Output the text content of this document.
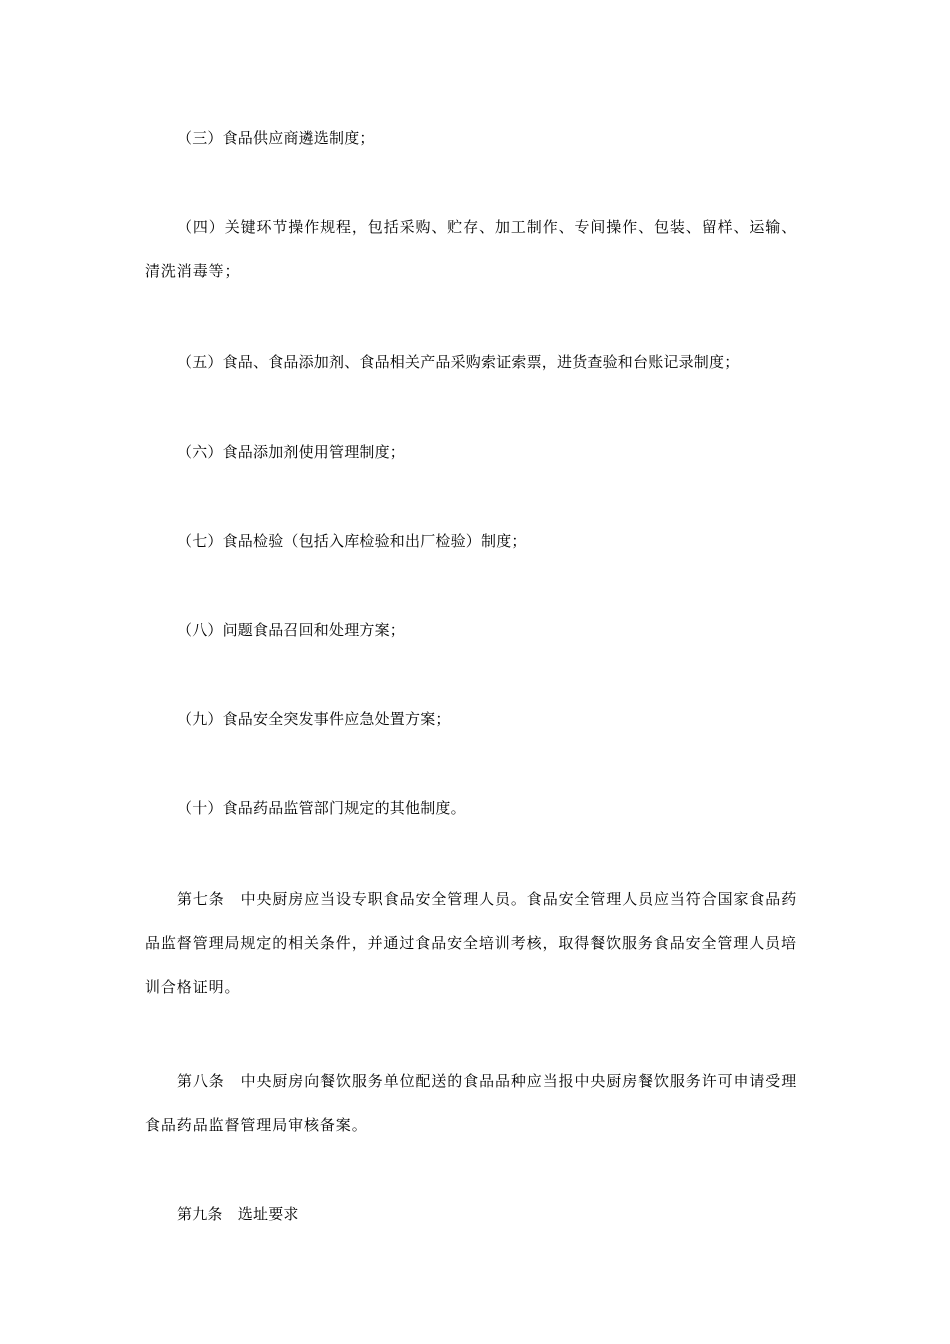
（三）食品供应商遴选制度；

（四）关键环节操作规程，包括采购、贮存、加工制作、专间操作、包装、留样、运输、清洗消毒等；

（五）食品、食品添加剂、食品相关产品采购索证索票，进货查验和台账记录制度；

（六）食品添加剂使用管理制度；

（七）食品检验（包括入库检验和出厂检验）制度；

（八）问题食品召回和处理方案；

（九）食品安全突发事件应急处置方案；

（十）食品药品监管部门规定的其他制度。

第七条　中央厨房应当设专职食品安全管理人员。食品安全管理人员应当符合国家食品药品监督管理局规定的相关条件，并通过食品安全培训考核，取得餐饮服务食品安全管理人员培训合格证明。

第八条　中央厨房向餐饮服务单位配送的食品品种应当报中央厨房餐饮服务许可申请受理食品药品监督管理局审核备案。

第九条　选址要求
